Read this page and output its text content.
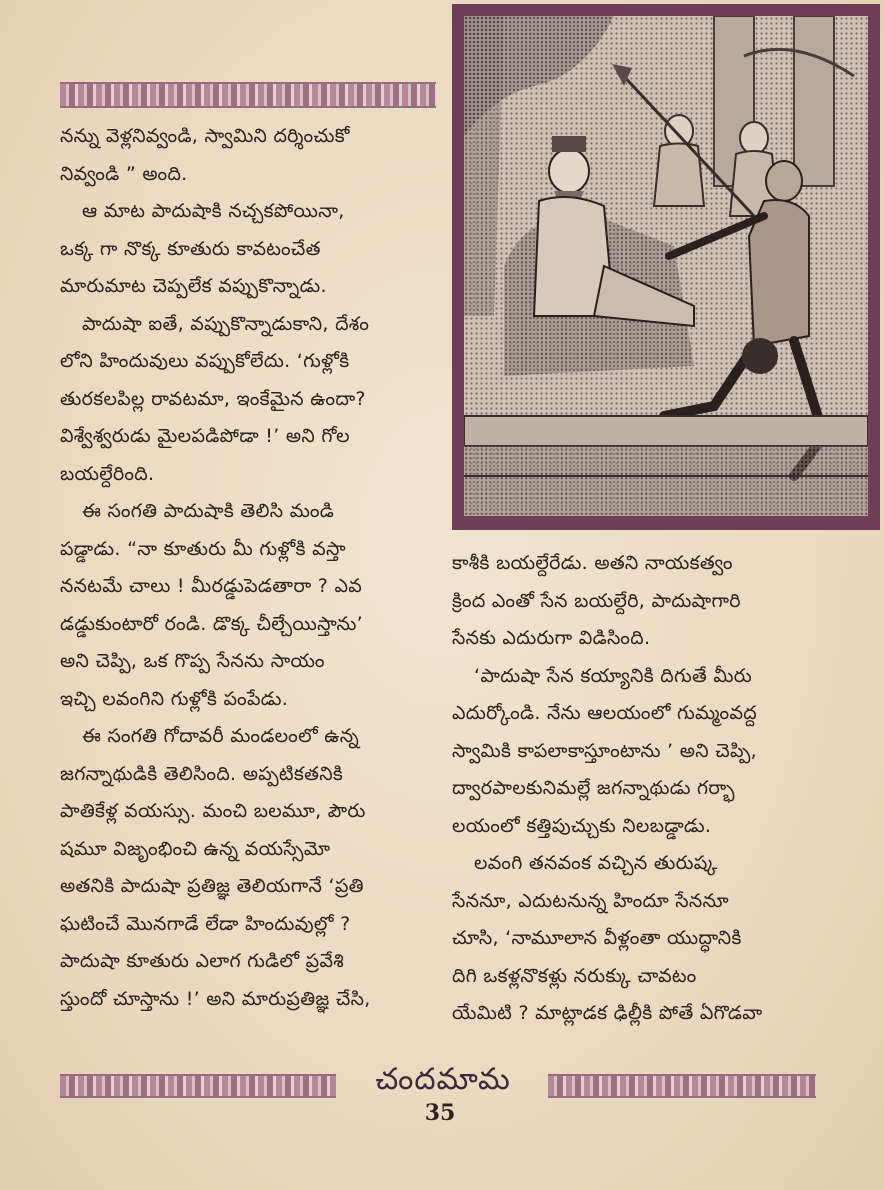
నన్ను వెళ్లనివ్వండి, స్వామిని దర్శించుకో
నివ్వండి ” అంది.
ఆ మాట పాదుషాకి నచ్చకపోయినా,
ఒక్క గా నొక్క కూతురు కావటంచేత
మారుమాట చెప్పలేక వప్పుకొన్నాడు.
పాదుషా ఐతే, వప్పుకొన్నాడుకాని, దేశం
లోని హిందువులు వప్పుకోలేదు. ‘గుళ్లోకి
తురకలపిల్ల రావటమా, ఇంకేమైన ఉందా?
విశ్వేశ్వరుడు మైలపడిపోడా !’ అని గోల
బయల్దేరింది.
ఈ సంగతి పాదుషాకి తెలిసి మండి
పడ్డాడు. “నా కూతురు మీ గుళ్లోకి వస్తా
ననటమే చాలు ! మీరడ్డుపెడతారా ? ఎవ
డడ్డుకుంటారో రండి. డొక్క చీల్చేయిస్తాను’
అని చెప్పి, ఒక గొప్ప సేనను సాయం
ఇచ్చి లవంగిని గుళ్లోకి పంపేడు.
ఈ సంగతి గోదావరీ మండలంలో ఉన్న
జగన్నాథుడికి తెలిసింది. అప్పటికతనికి
పాతికేళ్ల వయస్సు. మంచి బలమూ, పౌరు
షమూ విజృంభించి ఉన్న వయస్సేమో
అతనికి పాదుషా ప్రతిజ్ఞ తెలియగానే ‘ప్రతి
ఘటించే మొనగాడే లేడా హిందువుల్లో ?
పాదుషా కూతురు ఎలాగ గుడిలో ప్రవేశి
స్తుందో చూస్తాను !’ అని మారుప్రతిజ్ఞ చేసి,
కాశీకి బయల్దేరేడు. అతని నాయకత్వం
క్రింద ఎంతో సేన బయల్దేరి, పాదుషాగారి
సేనకు ఎదురుగా విడిసింది.
‘పాదుషా సేన కయ్యానికి దిగుతే మీరు
ఎదుర్కోండి. నేను ఆలయంలో గుమ్మంవద్ద
స్వామికి కాపలాకాస్తూంటాను ’ అని చెప్పి,
ద్వారపాలకునిమల్లే జగన్నాథుడు గర్భా
లయంలో కత్తిపుచ్చుకు నిలబడ్డాడు.
లవంగి తనవంక వచ్చిన తురుష్క
సేననూ, ఎదుటనున్న హిందూ సేననూ
చూసి, ‘నామూలాన వీళ్లంతా యుద్ధానికి
దిగి ఒకళ్లనొకళ్లు నరుక్కు చావటం
యేమిటి ? మాట్లాడక ఢిల్లీకి పోతే ఏగొడవా
చందమామ
35
